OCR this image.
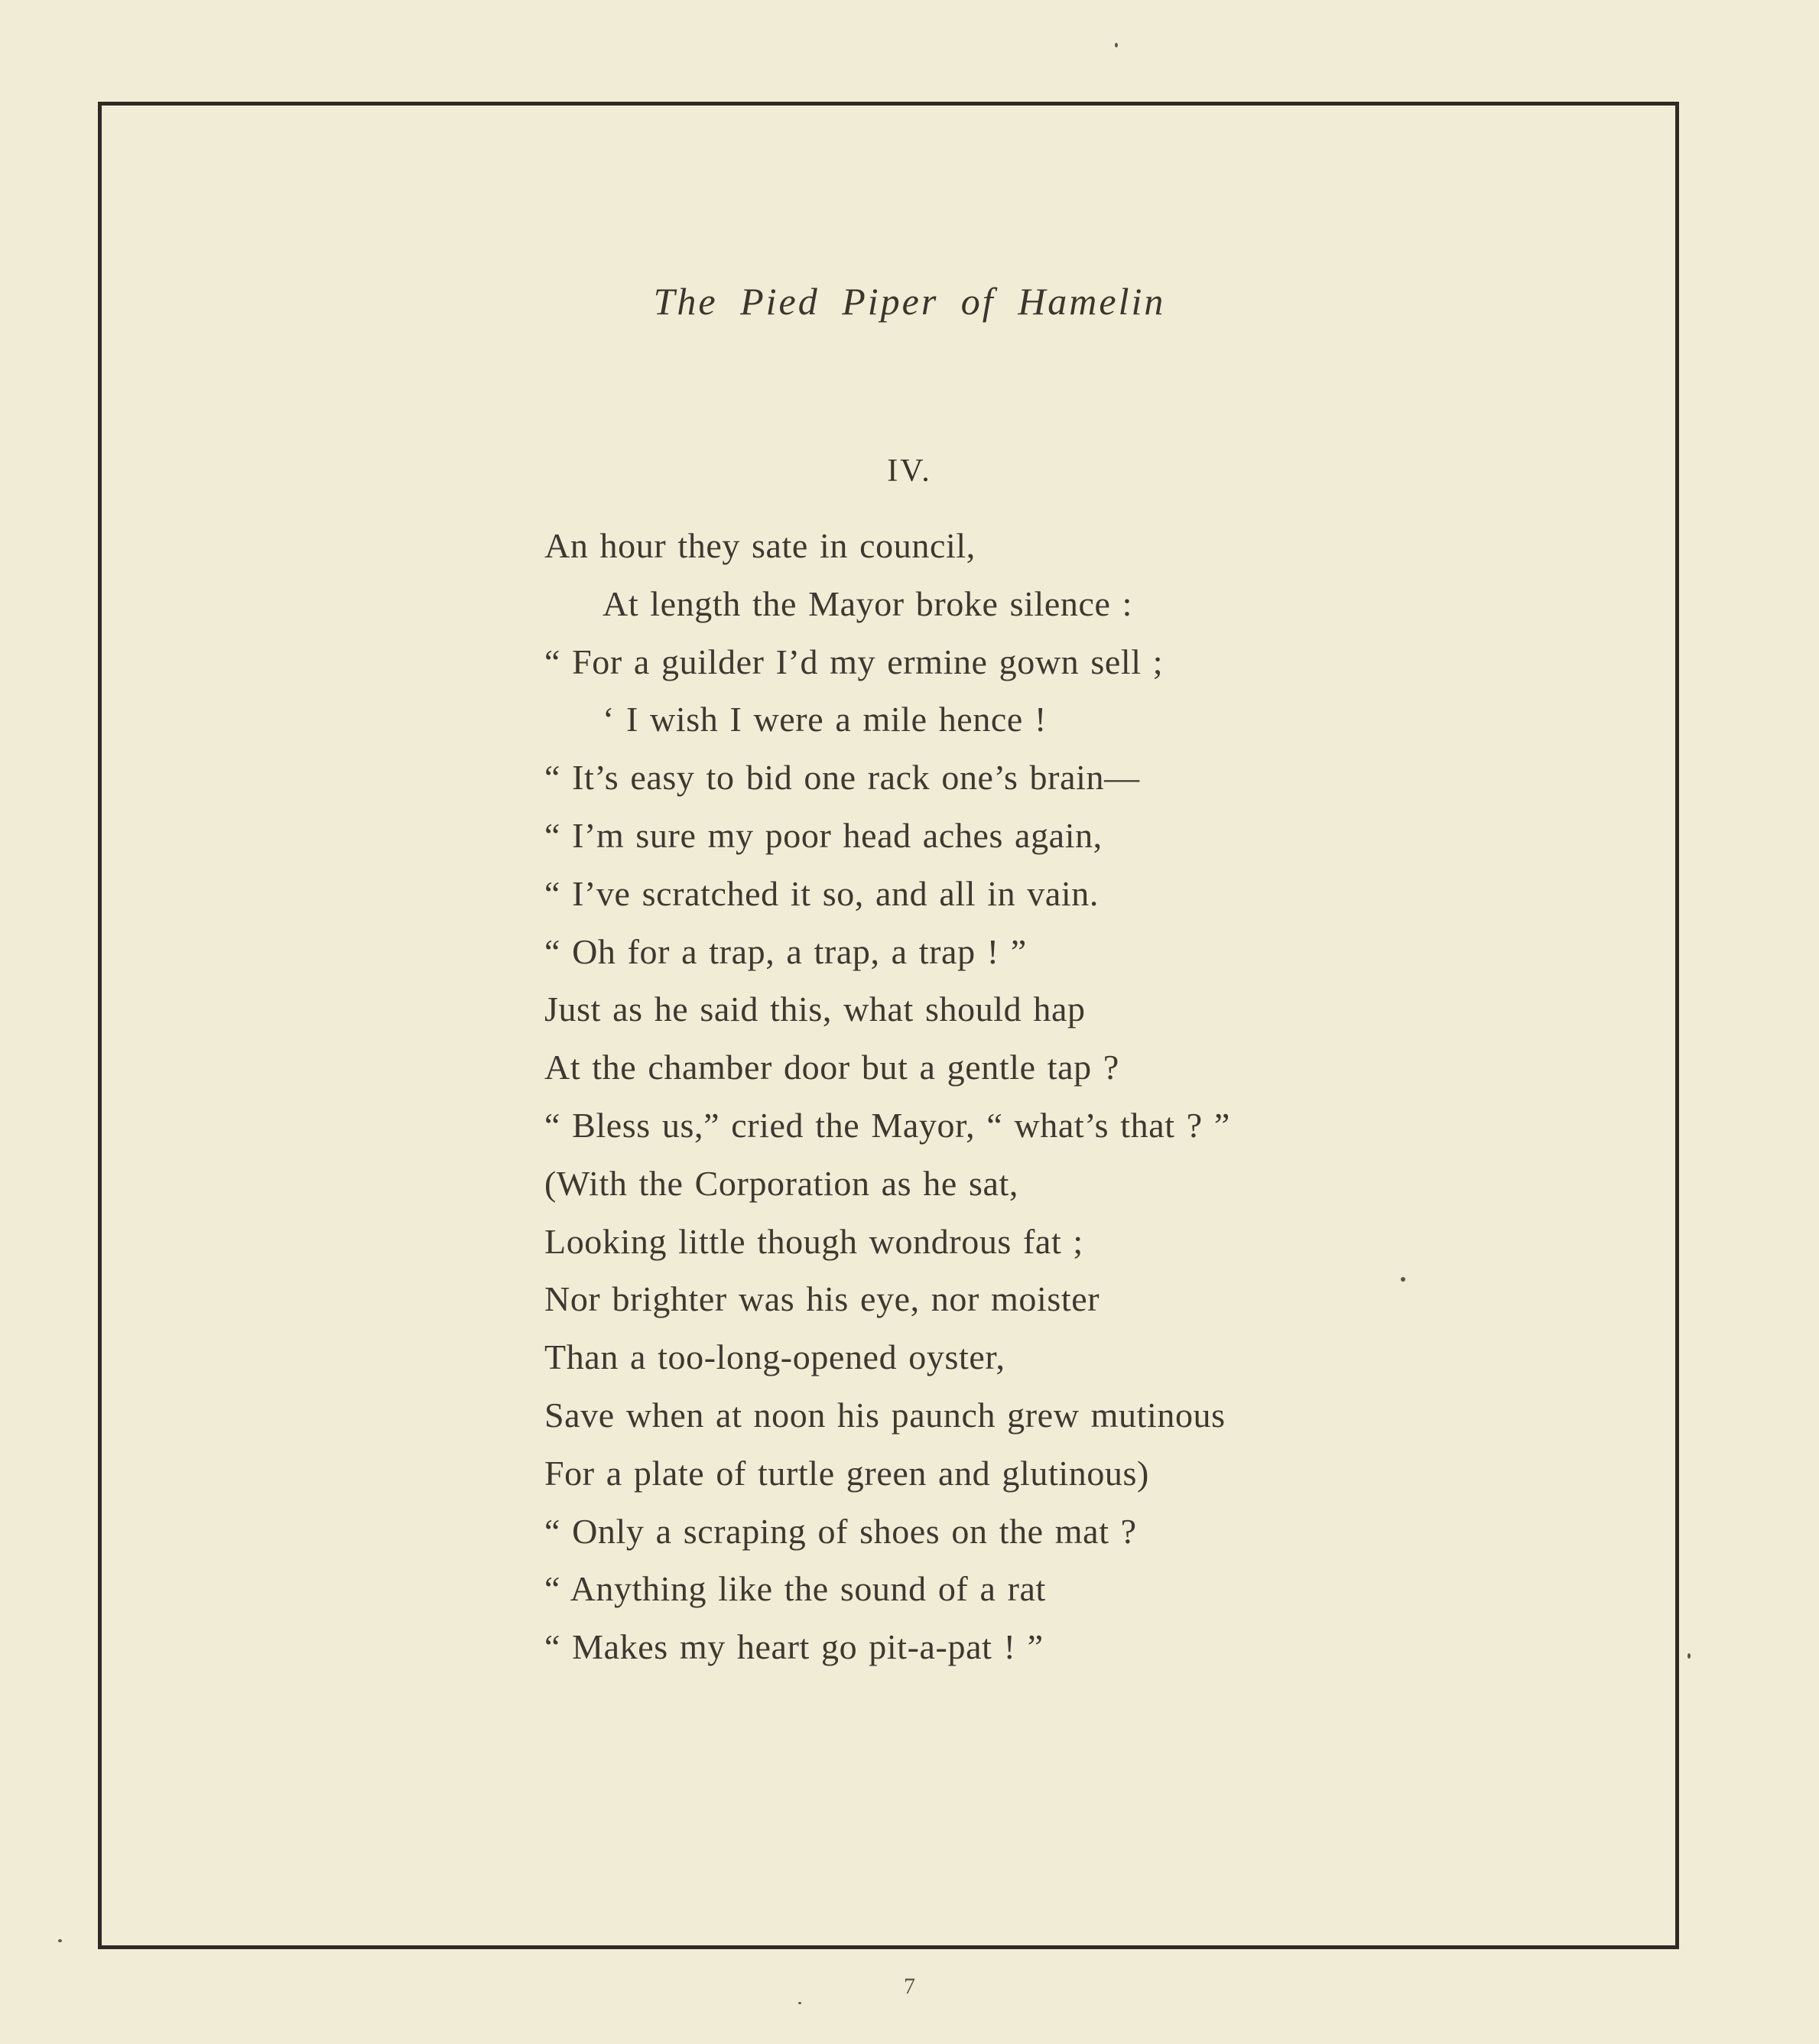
The Pied Piper of Hamelin
IV.
An hour they sate in council,
At length the Mayor broke silence :
“ For a guilder I’d my ermine gown sell ;
‘ I wish I were a mile hence !
“ It’s easy to bid one rack one’s brain—
“ I’m sure my poor head aches again,
“ I’ve scratched it so, and all in vain.
“ Oh for a trap, a trap, a trap ! ”
Just as he said this, what should hap
At the chamber door but a gentle tap ?
“ Bless us,” cried the Mayor, “ what’s that ? ”
(With the Corporation as he sat,
Looking little though wondrous fat ;
Nor brighter was his eye, nor moister
Than a too-long-opened oyster,
Save when at noon his paunch grew mutinous
For a plate of turtle green and glutinous)
“ Only a scraping of shoes on the mat ?
“ Anything like the sound of a rat
“ Makes my heart go pit-a-pat ! ”
7
